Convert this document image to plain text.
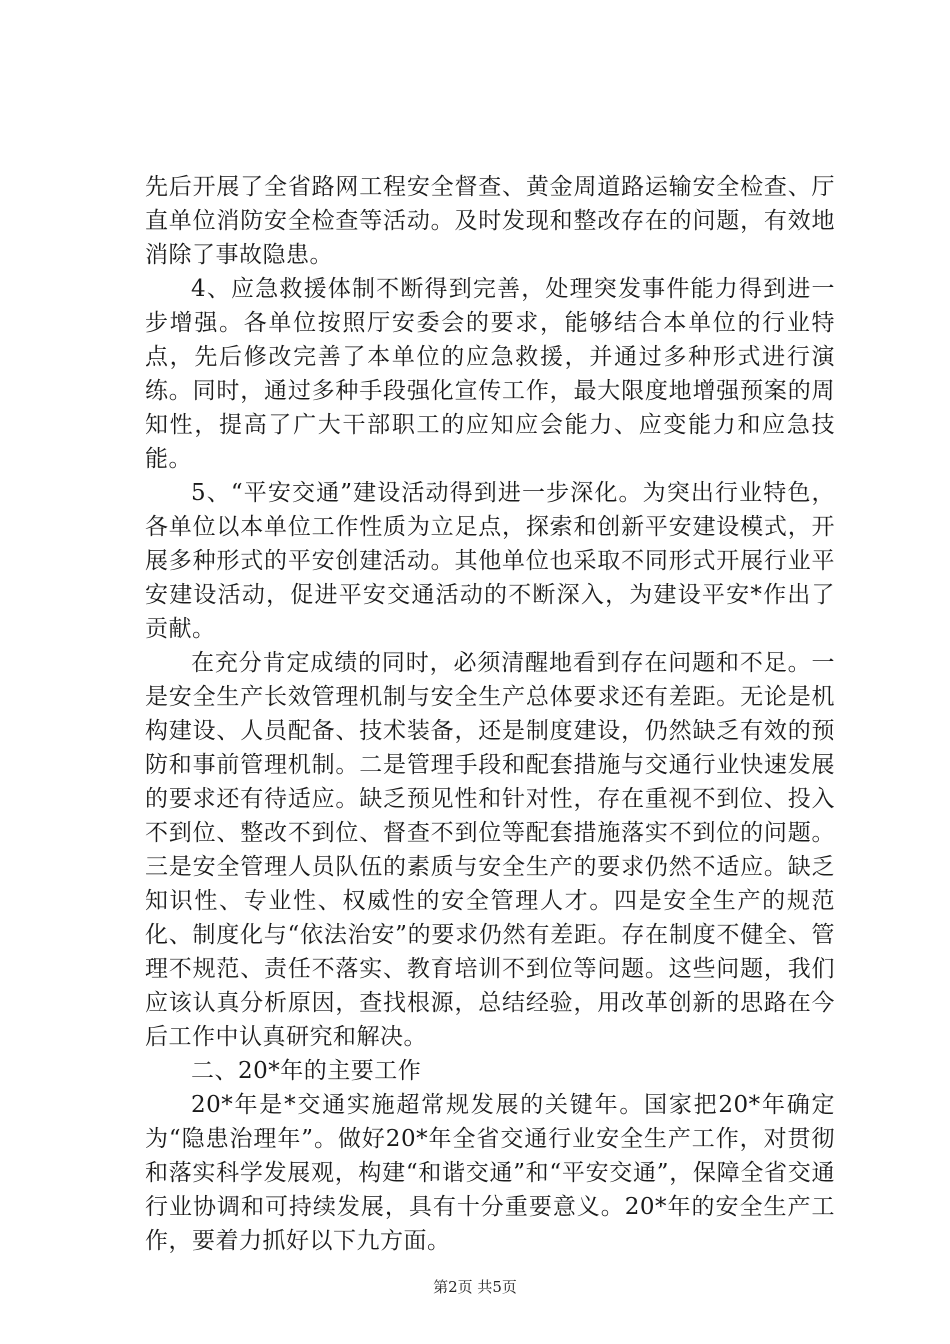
先后开展了全省路网工程安全督查、黄金周道路运输安全检查、厅直单位消防安全检查等活动。及时发现和整改存在的问题，有效地消除了事故隐患。

4、应急救援体制不断得到完善，处理突发事件能力得到进一步增强。各单位按照厅安委会的要求，能够结合本单位的行业特点，先后修改完善了本单位的应急救援，并通过多种形式进行演练。同时，通过多种手段强化宣传工作，最大限度地增强预案的周知性，提高了广大干部职工的应知应会能力、应变能力和应急技能。

5、“平安交通”建设活动得到进一步深化。为突出行业特色，各单位以本单位工作性质为立足点，探索和创新平安建设模式，开展多种形式的平安创建活动。其他单位也采取不同形式开展行业平安建设活动，促进平安交通活动的不断深入，为建设平安*作出了贡献。

在充分肯定成绩的同时，必须清醒地看到存在问题和不足。一是安全生产长效管理机制与安全生产总体要求还有差距。无论是机构建设、人员配备、技术装备，还是制度建设，仍然缺乏有效的预防和事前管理机制。二是管理手段和配套措施与交通行业快速发展的要求还有待适应。缺乏预见性和针对性，存在重视不到位、投入不到位、整改不到位、督查不到位等配套措施落实不到位的问题。三是安全管理人员队伍的素质与安全生产的要求仍然不适应。缺乏知识性、专业性、权威性的安全管理人才。四是安全生产的规范化、制度化与“依法治安”的要求仍然有差距。存在制度不健全、管理不规范、责任不落实、教育培训不到位等问题。这些问题，我们应该认真分析原因，查找根源，总结经验，用改革创新的思路在今后工作中认真研究和解决。

二、20*年的主要工作

20*年是*交通实施超常规发展的关键年。国家把20*年确定为“隐患治理年”。做好20*年全省交通行业安全生产工作，对贯彻和落实科学发展观，构建“和谐交通”和“平安交通”，保障全省交通行业协调和可持续发展，具有十分重要意义。20*年的安全生产工作，要着力抓好以下九方面。

第2页 共5页
